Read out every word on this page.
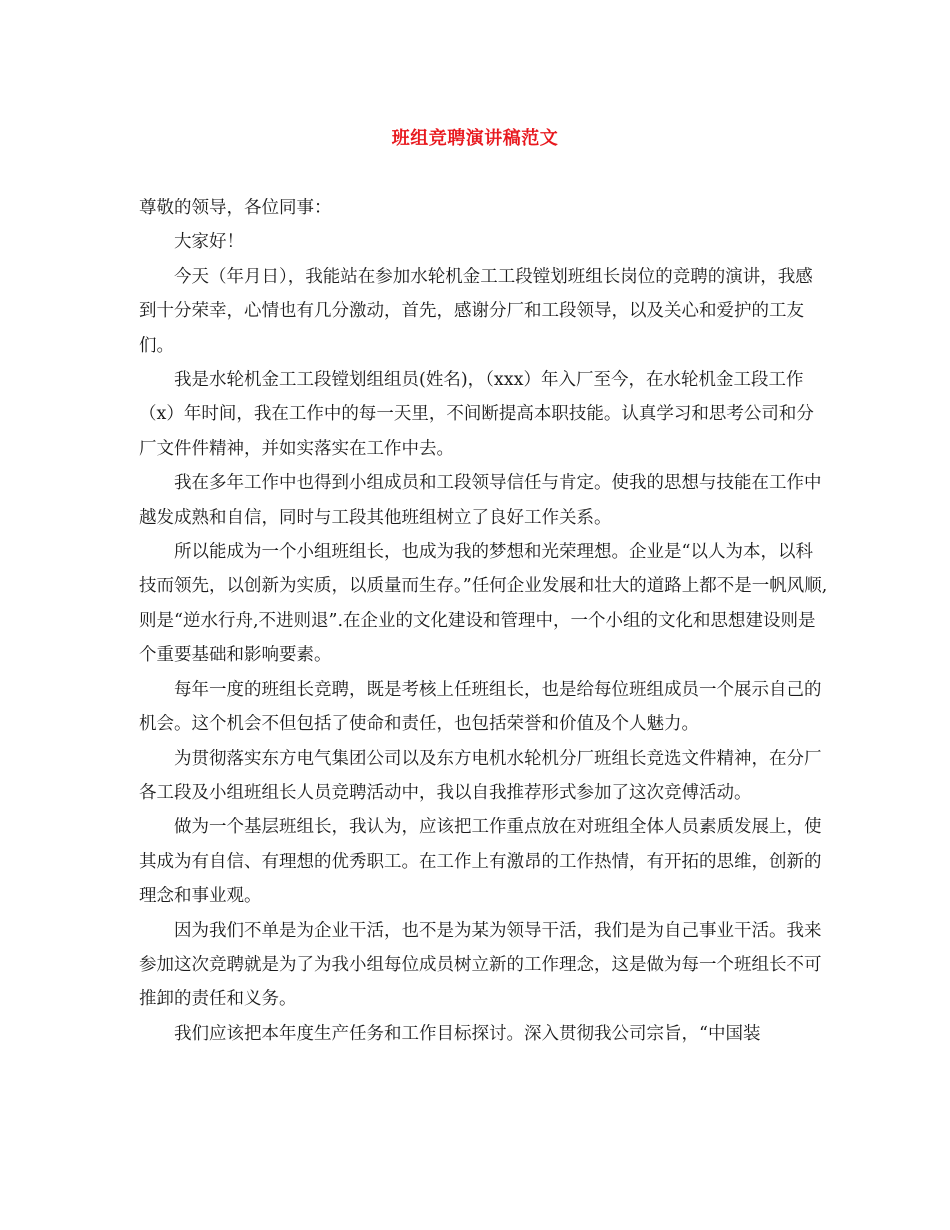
班组竞聘演讲稿范文

尊敬的领导，各位同事：

大家好！

今天（年月日），我能站在参加水轮机金工工段镗划班组长岗位的竞聘的演讲，我感到十分荣幸，心情也有几分激动，首先，感谢分厂和工段领导，以及关心和爱护的工友们。

我是水轮机金工工段镗划组组员(姓名)，（xxx）年入厂至今，在水轮机金工段工作（x）年时间，我在工作中的每一天里，不间断提高本职技能。认真学习和思考公司和分厂文件件精神，并如实落实在工作中去。

我在多年工作中也得到小组成员和工段领导信任与肯定。使我的思想与技能在工作中越发成熟和自信，同时与工段其他班组树立了良好工作关系。

所以能成为一个小组班组长，也成为我的梦想和光荣理想。企业是“以人为本，以科技而领先，以创新为实质，以质量而生存。”任何企业发展和壮大的道路上都不是一帆风顺,则是“逆水行舟,不进则退”.在企业的文化建设和管理中，一个小组的文化和思想建设则是个重要基础和影响要素。

每年一度的班组长竞聘，既是考核上任班组长，也是给每位班组成员一个展示自己的机会。这个机会不但包括了使命和责任，也包括荣誉和价值及个人魅力。

为贯彻落实东方电气集团公司以及东方电机水轮机分厂班组长竞选文件精神，在分厂各工段及小组班组长人员竞聘活动中，我以自我推荐形式参加了这次竞傅活动。

做为一个基层班组长，我认为，应该把工作重点放在对班组全体人员素质发展上，使其成为有自信、有理想的优秀职工。在工作上有激昂的工作热情，有开拓的思维，创新的理念和事业观。

因为我们不单是为企业干活，也不是为某为领导干活，我们是为自己事业干活。我来参加这次竞聘就是为了为我小组每位成员树立新的工作理念，这是做为每一个班组长不可推卸的责任和义务。

我们应该把本年度生产任务和工作目标探讨。深入贯彻我公司宗旨，“中国装
